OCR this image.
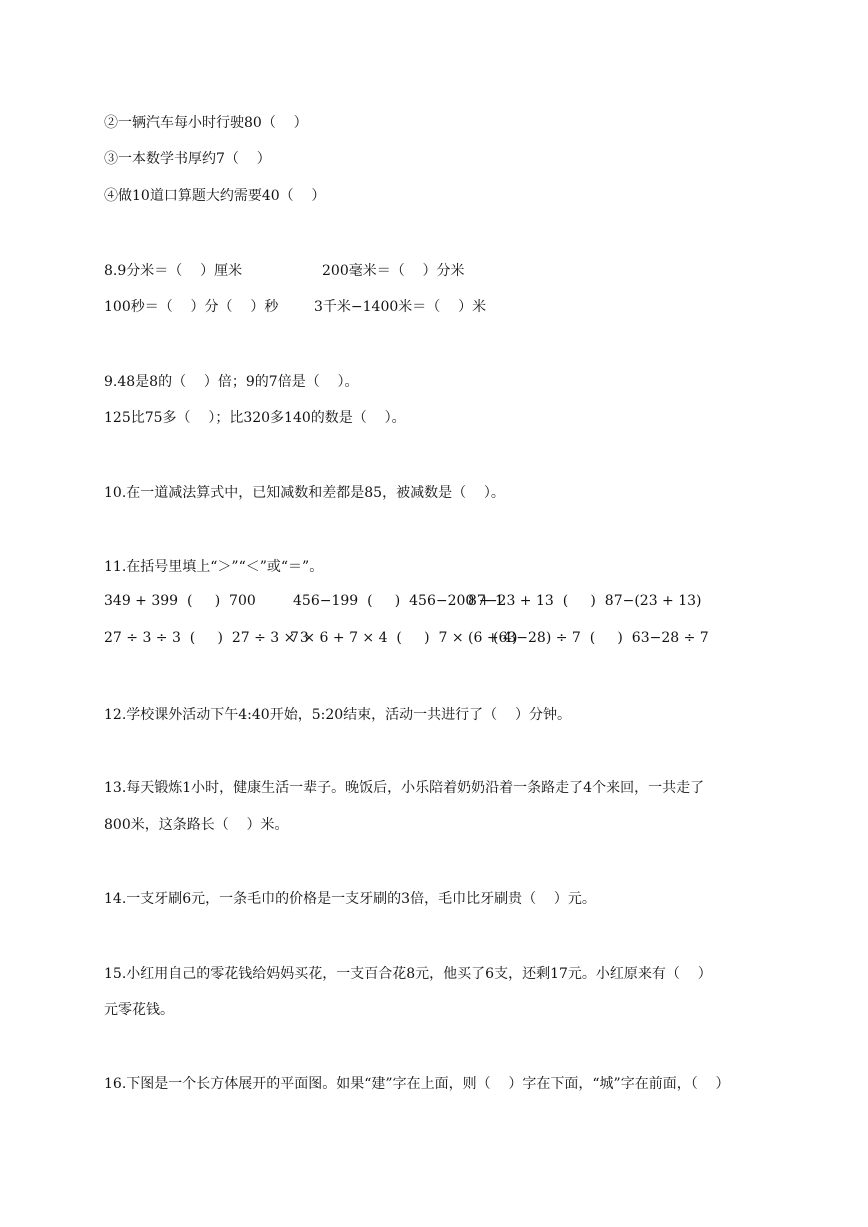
②一辆汽车每小时行驶80（    ）

③一本数学书厚约7（    ）

④做10道口算题大约需要40（    ）

8.9分米＝（    ）厘米	200毫米＝（    ）分米

100秒＝（    ）分（    ）秒	3千米−1400米＝（    ）米

9.48是8的（    ）倍；9的7倍是（    ）。

125比75多（    ）；比320多140的数是（    ）。

10.在一道减法算式中，已知减数和差都是85，被减数是（    ）。

11.在括号里填上“＞”“＜”或“＝”。

349 + 399  (     )  700	456−199  (     )  456−200 + 1

87−23 + 13  (     )  87−(23 + 13)

27 ÷ 3 ÷ 3  (     )  27 ÷ 3 × 3

7 × 6 + 7 × 4  (     )  7 × (6 + 4)

(63−28) ÷ 7  (     )  63−28 ÷ 7

12.学校课外活动下午4:40开始，5:20结束，活动一共进行了（    ）分钟。

13.每天锻炼1小时，健康生活一辈子。晚饭后，小乐陪着奶奶沿着一条路走了4个来回，一共走了

800米，这条路长（    ）米。

14.一支牙刷6元，一条毛巾的价格是一支牙刷的3倍，毛巾比牙刷贵（    ）元。

15.小红用自己的零花钱给妈妈买花，一支百合花8元，他买了6支，还剩17元。小红原来有（    ）

元零花钱。

16.下图是一个长方体展开的平面图。如果“建”字在上面，则（    ）字在下面，“城”字在前面，（    ）
